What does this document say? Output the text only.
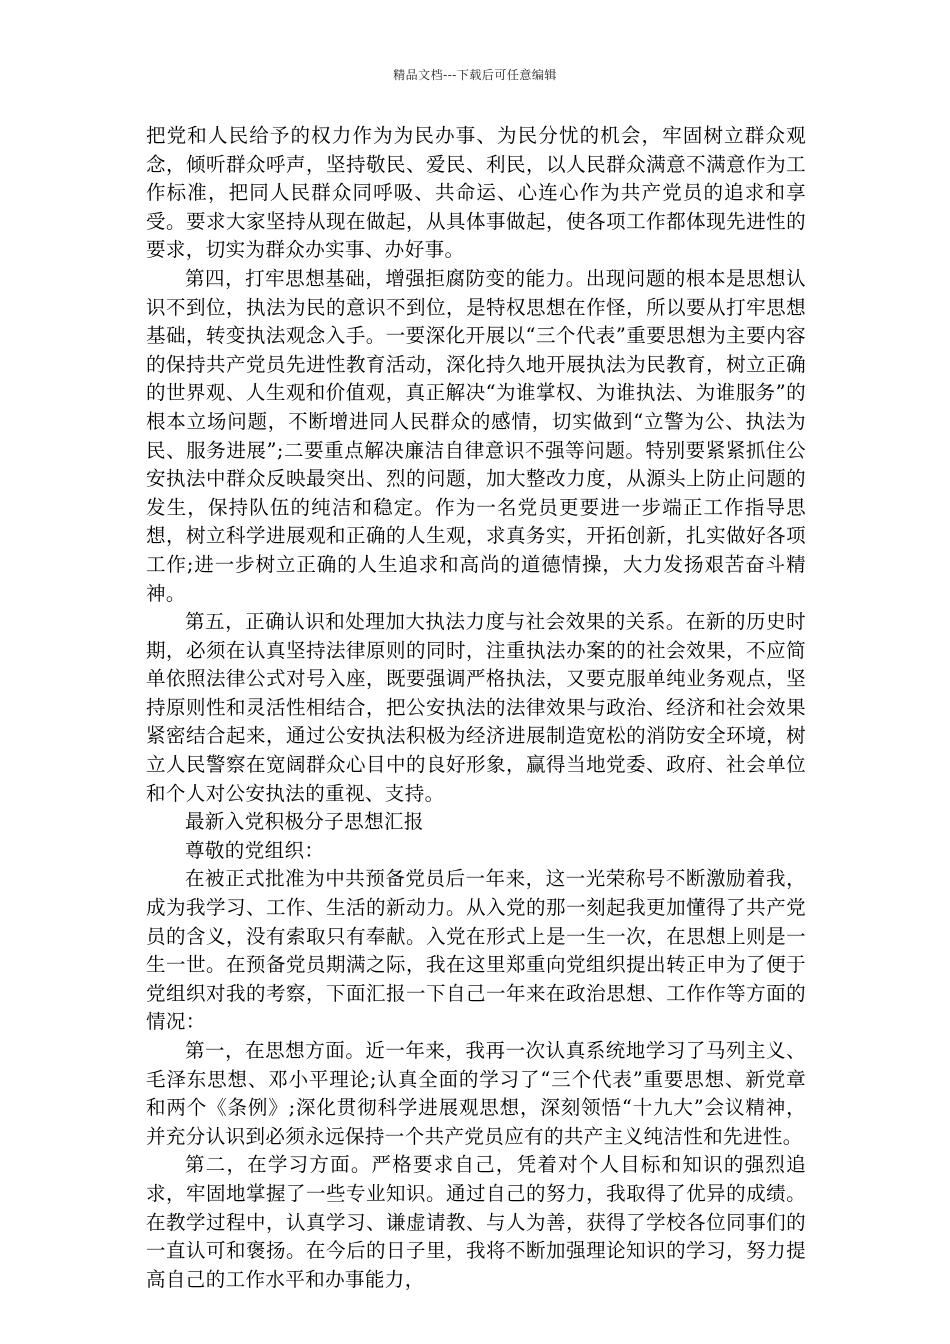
精品文档---下载后可任意编辑

把党和人民给予的权力作为为民办事、为民分忧的机会，牢固树立群众观念，倾听群众呼声，坚持敬民、爱民、利民，以人民群众满意不满意作为工作标准，把同人民群众同呼吸、共命运、心连心作为共产党员的追求和享受。要求大家坚持从现在做起，从具体事做起，使各项工作都体现先进性的要求，切实为群众办实事、办好事。

第四，打牢思想基础，增强拒腐防变的能力。出现问题的根本是思想认识不到位，执法为民的意识不到位，是特权思想在作怪，所以要从打牢思想基础，转变执法观念入手。一要深化开展以“三个代表”重要思想为主要内容的保持共产党员先进性教育活动，深化持久地开展执法为民教育，树立正确的世界观、人生观和价值观，真正解决“为谁掌权、为谁执法、为谁服务”的根本立场问题，不断增进同人民群众的感情，切实做到“立警为公、执法为民、服务进展”;二要重点解决廉洁自律意识不强等问题。特别要紧紧抓住公安执法中群众反映最突出、烈的问题，加大整改力度，从源头上防止问题的发生，保持队伍的纯洁和稳定。作为一名党员更要进一步端正工作指导思想，树立科学进展观和正确的人生观，求真务实，开拓创新，扎实做好各项工作;进一步树立正确的人生追求和高尚的道德情操，大力发扬艰苦奋斗精神。

第五，正确认识和处理加大执法力度与社会效果的关系。在新的历史时期，必须在认真坚持法律原则的同时，注重执法办案的的社会效果，不应简单依照法律公式对号入座，既要强调严格执法，又要克服单纯业务观点，坚持原则性和灵活性相结合，把公安执法的法律效果与政治、经济和社会效果紧密结合起来，通过公安执法积极为经济进展制造宽松的消防安全环境，树立人民警察在宽阔群众心目中的良好形象，赢得当地党委、政府、社会单位和个人对公安执法的重视、支持。

最新入党积极分子思想汇报

尊敬的党组织：

在被正式批准为中共预备党员后一年来，这一光荣称号不断激励着我，成为我学习、工作、生活的新动力。从入党的那一刻起我更加懂得了共产党员的含义，没有索取只有奉献。入党在形式上是一生一次，在思想上则是一生一世。在预备党员期满之际，我在这里郑重向党组织提出转正申为了便于党组织对我的考察，下面汇报一下自己一年来在政治思想、工作作等方面的情况：

第一，在思想方面。近一年来，我再一次认真系统地学习了马列主义、毛泽东思想、邓小平理论;认真全面的学习了“三个代表”重要思想、新党章和两个《条例》;深化贯彻科学进展观思想，深刻领悟“十九大”会议精神，并充分认识到必须永远保持一个共产党员应有的共产主义纯洁性和先进性。

第二，在学习方面。严格要求自己，凭着对个人目标和知识的强烈追求，牢固地掌握了一些专业知识。通过自己的努力，我取得了优异的成绩。在教学过程中，认真学习、谦虚请教、与人为善，获得了学校各位同事们的一直认可和褒扬。在今后的日子里，我将不断加强理论知识的学习，努力提高自己的工作水平和办事能力，
